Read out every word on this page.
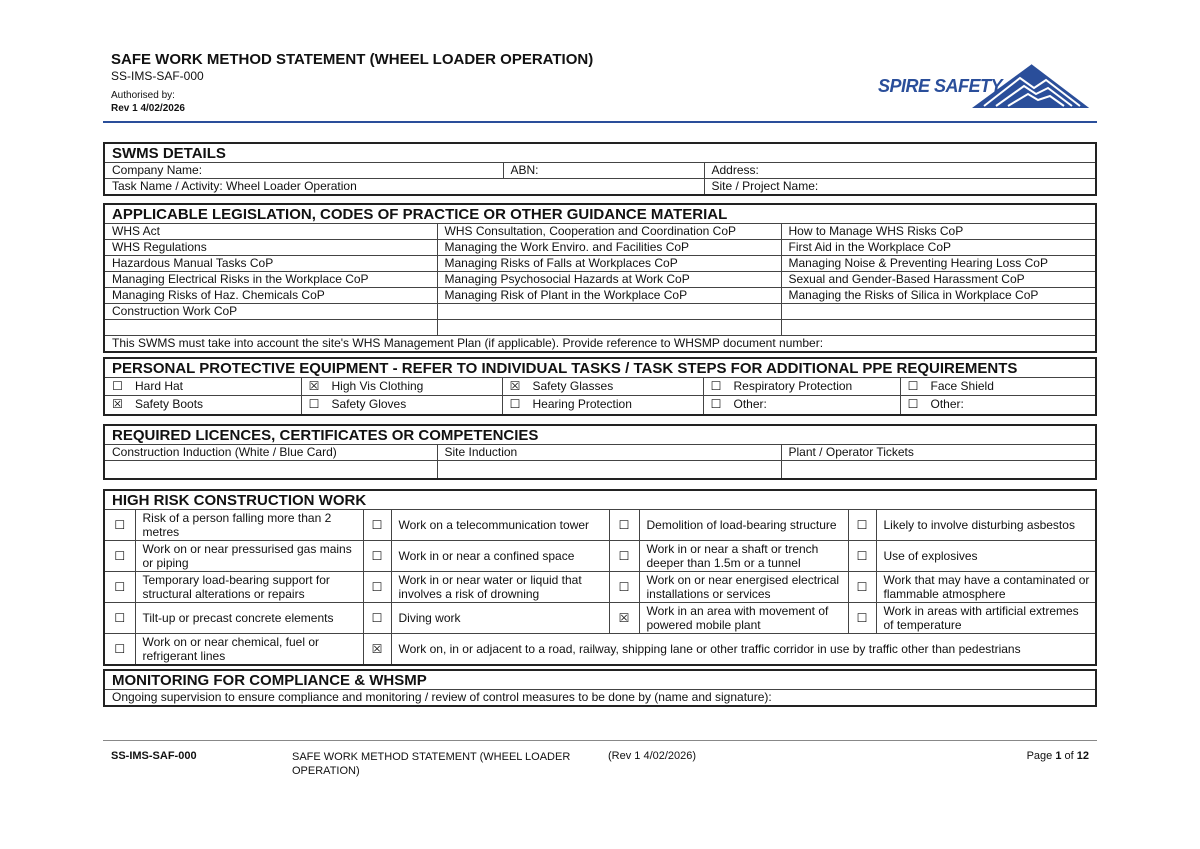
SAFE WORK METHOD STATEMENT (WHEEL LOADER OPERATION)
SS-IMS-SAF-000
Authorised by:
Rev 1 4/02/2026
SPIRE SAFETY
SWMS DETAILS		
Company Name:	ABN:	Address:
Task Name / Activity: Wheel Loader Operation		Site / Project Name:
APPLICABLE LEGISLATION, CODES OF PRACTICE OR OTHER GUIDANCE MATERIAL		
WHS Act	WHS Consultation, Cooperation and Coordination CoP	How to Manage WHS Risks CoP
WHS Regulations	Managing the Work Enviro. and Facilities CoP	First Aid in the Workplace CoP
Hazardous Manual Tasks CoP	Managing Risks of Falls at Workplaces CoP	Managing Noise & Preventing Hearing Loss CoP
Managing Electrical Risks in the Workplace CoP	Managing Psychosocial Hazards at Work CoP	Sexual and Gender-Based Harassment CoP
Managing Risks of Haz. Chemicals CoP	Managing Risk of Plant in the Workplace CoP	Managing the Risks of Silica in Workplace CoP
Construction Work CoP		

This SWMS must take into account the site's WHS Management Plan (if applicable). Provide reference to WHSMP document number:		
PERSONAL PROTECTIVE EQUIPMENT - REFER TO INDIVIDUAL TASKS / TASK STEPS FOR ADDITIONAL PPE REQUIREMENTS				
☐ Hard Hat	☒ High Vis Clothing	☒ Safety Glasses	☐ Respiratory Protection	☐ Face Shield
☒ Safety Boots	☐ Safety Gloves	☐ Hearing Protection	☐ Other:	☐ Other:
REQUIRED LICENCES, CERTIFICATES OR COMPETENCIES		
Construction Induction (White / Blue Card)	Site Induction	Plant / Operator Tickets

HIGH RISK CONSTRUCTION WORK							
☐	Risk of a person falling more than 2 metres	☐	Work on a telecommunication tower	☐	Demolition of load-bearing structure	☐	Likely to involve disturbing asbestos
☐	Work on or near pressurised gas mains or piping	☐	Work in or near a confined space	☐	Work in or near a shaft or trench deeper than 1.5m or a tunnel	☐	Use of explosives
☐	Temporary load-bearing support for structural alterations or repairs	☐	Work in or near water or liquid that involves a risk of drowning	☐	Work on or near energised electrical installations or services	☐	Work that may have a contaminated or flammable atmosphere
☐	Tilt-up or precast concrete elements	☐	Diving work	☒	Work in an area with movement of powered mobile plant	☐	Work in areas with artificial extremes of temperature
☐	Work on or near chemical, fuel or refrigerant lines	☒	Work on, in or adjacent to a road, railway, shipping lane or other traffic corridor in use by traffic other than pedestrians				
MONITORING FOR COMPLIANCE & WHSMP
Ongoing supervision to ensure compliance and monitoring / review of control measures to be done by (name and signature):
SS-IMS-SAF-000	SAFE WORK METHOD STATEMENT (WHEEL LOADER OPERATION)
(Rev 1 4/02/2026)	Page 1 of 12
